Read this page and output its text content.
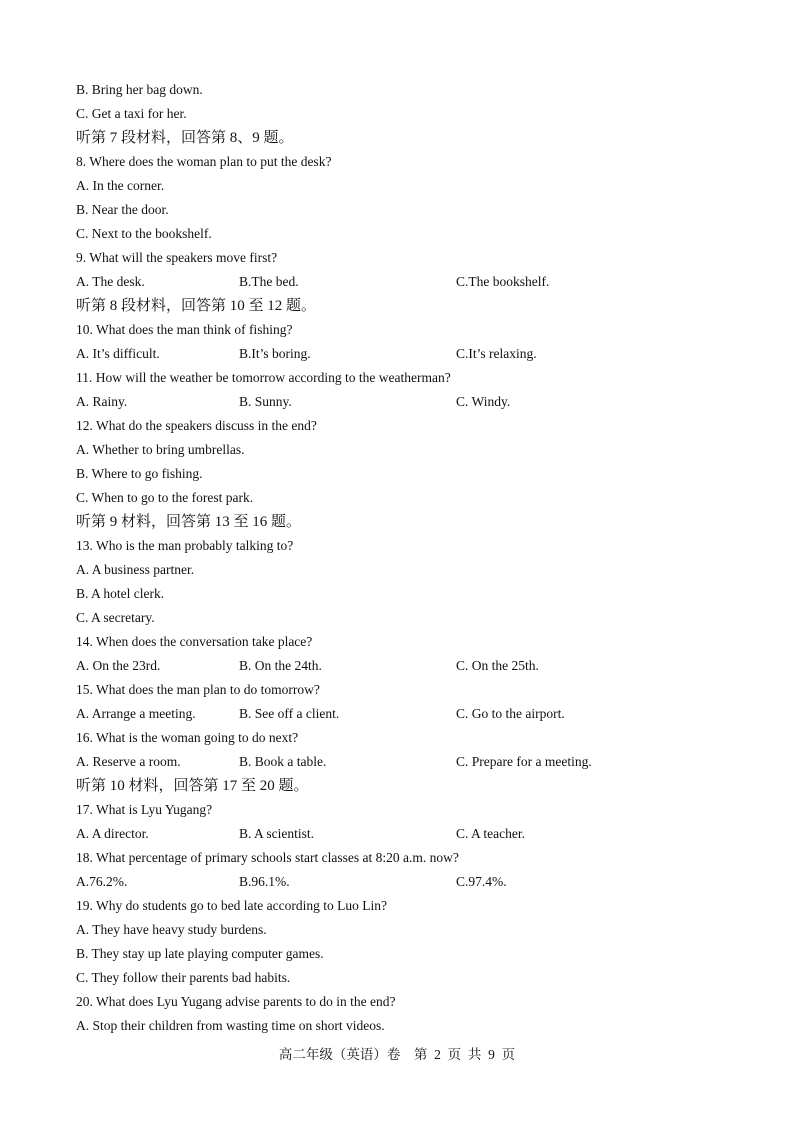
B. Bring her bag down.
C. Get a taxi for her.
听第 7 段材料，回答第 8、9 题。
8. Where does the woman plan to put the desk?
A. In the corner.
B. Near the door.
C. Next to the bookshelf.
9. What will the speakers move first?
A. The desk.	B.The bed.	C.The bookshelf.
听第 8 段材料，回答第 10 至 12 题。
10. What does the man think of fishing?
A. It’s difficult.	B.It’s boring.	C.It’s relaxing.
11. How will the weather be tomorrow according to the weatherman?
A. Rainy.	B. Sunny.	C. Windy.
12. What do the speakers discuss in the end?
A. Whether to bring umbrellas.
B. Where to go fishing.
C. When to go to the forest park.
听第 9 材料，回答第 13 至 16 题。
13. Who is the man probably talking to?
A. A business partner.
B. A hotel clerk.
C. A secretary.
14. When does the conversation take place?
A. On the 23rd.	B. On the 24th.	C. On the 25th.
15. What does the man plan to do tomorrow?
A. Arrange a meeting.	B. See off a client.	C. Go to the airport.
16. What is the woman going to do next?
A. Reserve a room.	B. Book a table.	C. Prepare for a meeting.
听第 10 材料，回答第 17 至 20 题。
17. What is Lyu Yugang?
A. A director.	B. A scientist.	C. A teacher.
18. What percentage of primary schools start classes at 8:20 a.m. now?
A.76.2%.	B.96.1%.	C.97.4%.
19. Why do students go to bed late according to Luo Lin?
A. They have heavy study burdens.
B. They stay up late playing computer games.
C. They follow their parents bad habits.
20. What does Lyu Yugang advise parents to do in the end?
A. Stop their children from wasting time on short videos.
高二年级（英语）卷    第  2  页  共  9  页
